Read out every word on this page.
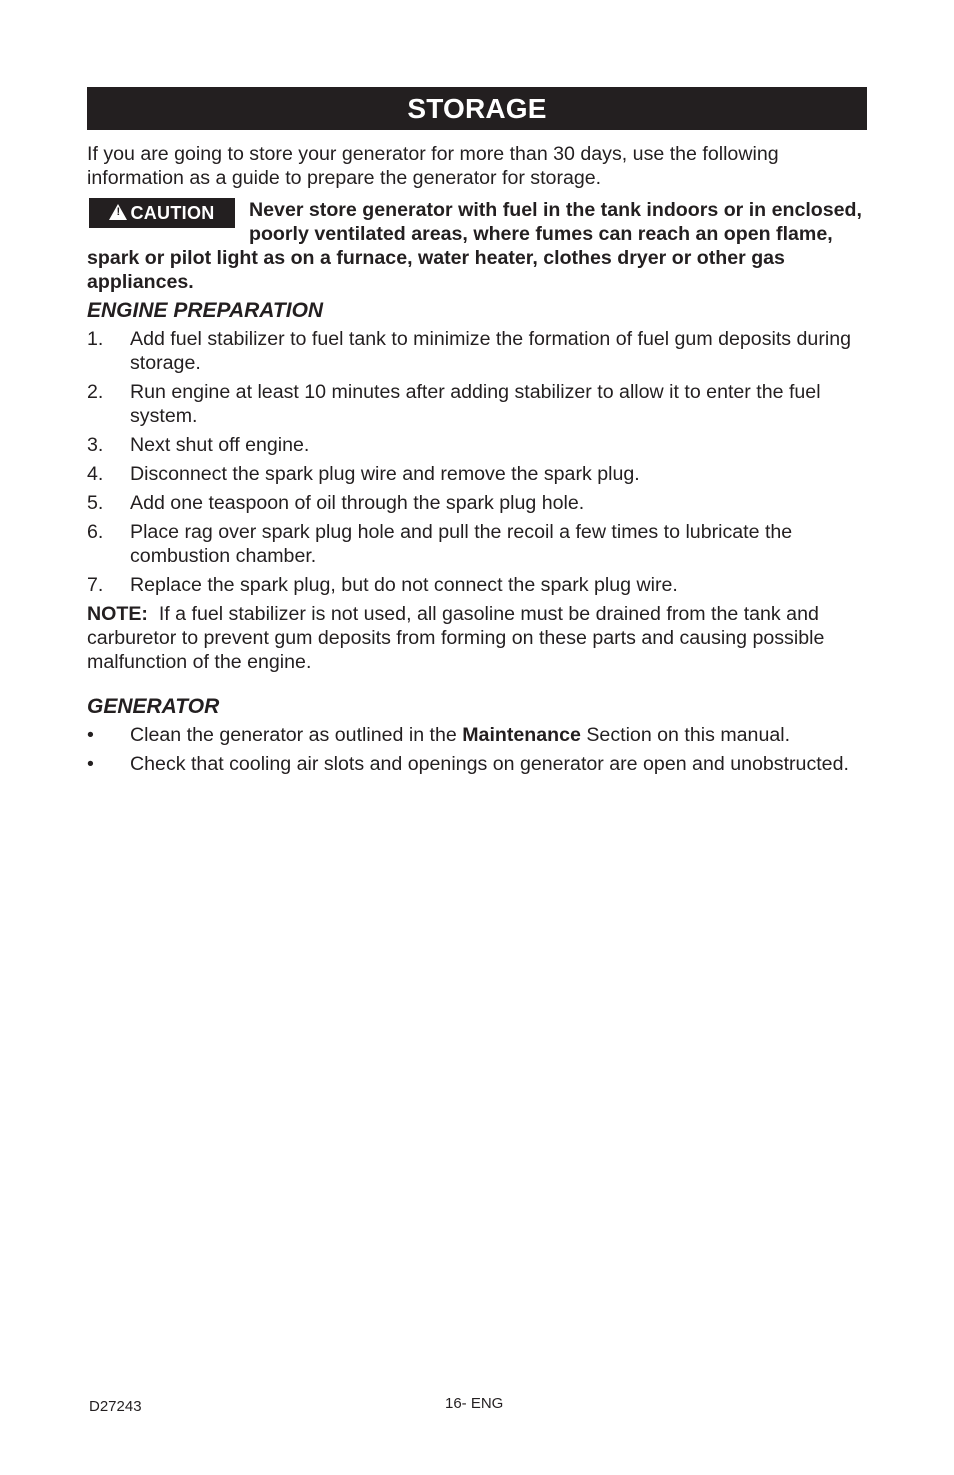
STORAGE

If you are going to store your generator for more than 30 days, use the following information as a guide to prepare the generator for storage.

!
CAUTION Never store generator with fuel in the tank indoors or in enclosed, poorly ventilated areas, where fumes can reach an open flame, spark or pilot light as on a furnace, water heater, clothes dryer or other gas appliances.
ENGINE PREPARATION
1. Add fuel stabilizer to fuel tank to minimize the formation of fuel gum deposits during storage.
2. Run engine at least 10 minutes after adding stabilizer to allow it to enter the fuel system.
3. Next shut off engine.
4. Disconnect the spark plug wire and remove the spark plug.
5. Add one teaspoon of oil through the spark plug hole.
6. Place rag over spark plug hole and pull the recoil a few times to lubricate the combustion chamber.
7. Replace the spark plug, but do not connect the spark plug wire.

NOTE:  If a fuel stabilizer is not used, all gasoline must be drained from the tank and carburetor to prevent gum deposits from forming on these parts and causing possible malfunction of the engine.

GENERATOR
• Clean the generator as outlined in the Maintenance Section on this manual.
• Check that cooling air slots and openings on generator are open and unobstructed.
D27243	16- ENG
